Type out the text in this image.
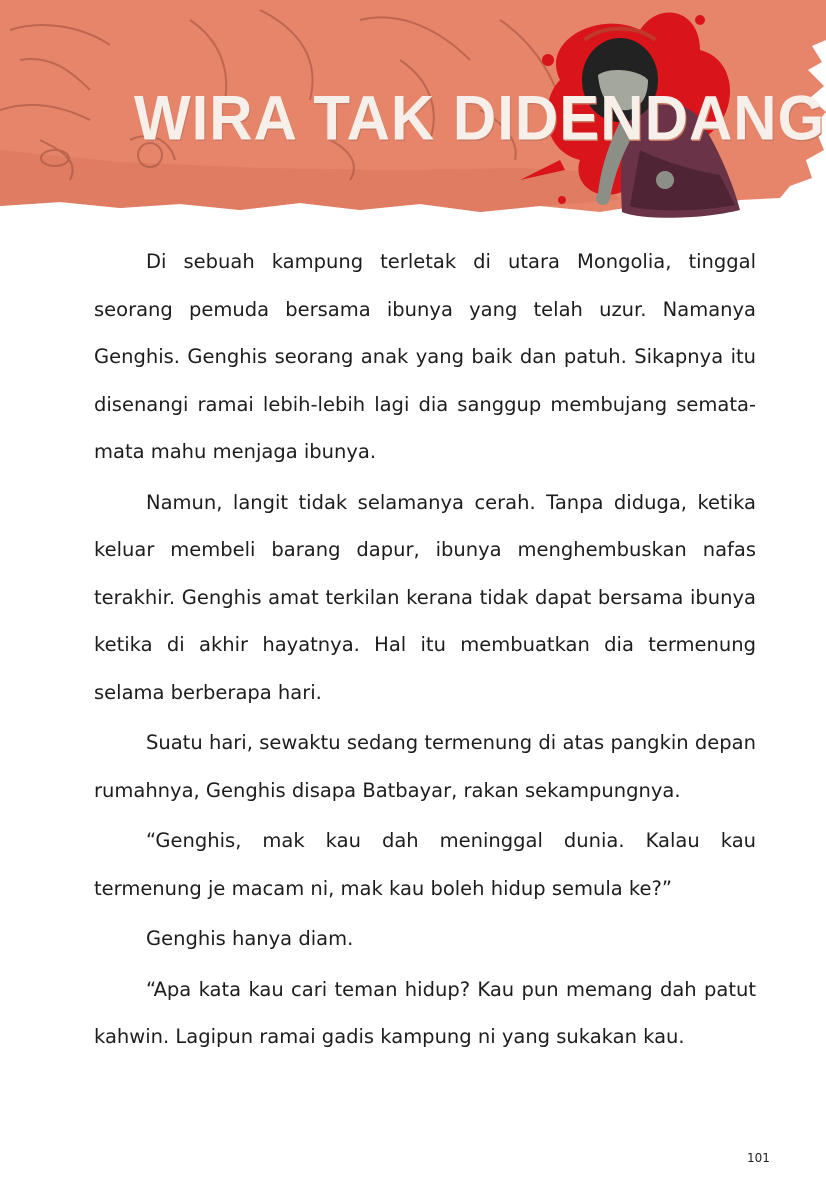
WIRA TAK DIDENDANG

Di sebuah kampung terletak di utara Mongolia, tinggal seorang pemuda bersama ibunya yang telah uzur. Namanya Genghis. Genghis seorang anak yang baik dan patuh. Sikapnya itu disenangi ramai lebih-lebih lagi dia sanggup membujang semata-mata mahu menjaga ibunya.

Namun, langit tidak selamanya cerah. Tanpa diduga, ketika keluar membeli barang dapur, ibunya menghembuskan nafas terakhir. Genghis amat terkilan kerana tidak dapat bersama ibunya ketika di akhir hayatnya. Hal itu membuatkan dia termenung selama berberapa hari.

Suatu hari, sewaktu sedang termenung di atas pangkin depan rumahnya, Genghis disapa Batbayar, rakan sekampungnya.

“Genghis, mak kau dah meninggal dunia. Kalau kau termenung je macam ni, mak kau boleh hidup semula ke?”

Genghis hanya diam.

“Apa kata kau cari teman hidup? Kau pun memang dah patut kahwin. Lagipun ramai gadis kampung ni yang sukakan kau.

101
